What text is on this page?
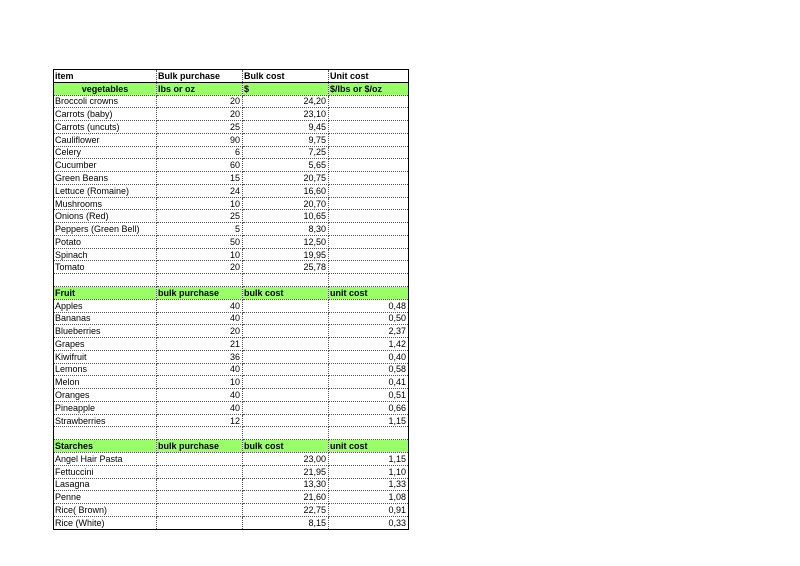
item	Bulk purchase	Bulk cost	Unit cost
vegetables	lbs or oz	$	$/lbs or $/oz
Broccoli crowns	20	24,20	
Carrots (baby)	20	23,10	
Carrots (uncuts)	25	9,45	
Cauliflower	90	9,75	
Celery	6	7,25	
Cucumber	60	5,65	
Green Beans	15	20,75	
Lettuce (Romaine)	24	16,60	
Mushrooms	10	20,70	
Onions (Red)	25	10,65	
Peppers (Green Bell)	5	8,30	
Potato	50	12,50	
Spinach	10	19,95	
Tomato	20	25,78	

Fruit	bulk purchase	bulk cost	unit cost
Apples	40		0,48
Bananas	40		0,50
Blueberries	20		2,37
Grapes	21		1,42
Kiwifruit	36		0,40
Lemons	40		0,58
Melon	10		0,41
Oranges	40		0,51
Pineapple	40		0,66
Strawberries	12		1,15

Starches	bulk purchase	bulk cost	unit cost
Angel Hair Pasta		23,00	1,15
Fettuccini		21,95	1,10
Lasagna		13,30	1,33
Penne		21,60	1,08
Rice( Brown)		22,75	0,91
Rice (White)		8,15	0,33
